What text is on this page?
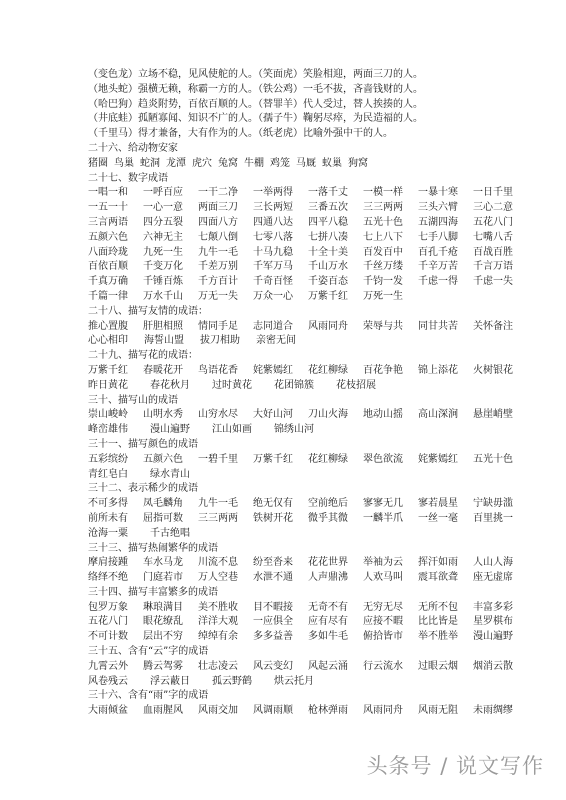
（变色龙）立场不稳，见风使舵的人。（笑面虎）笑脸相迎，两面三刀的人。
（地头蛇）强横无赖，称霸一方的人。（铁公鸡）一毛不拔，吝啬钱财的人。
（哈巴狗）趋炎附势，百依百顺的人。（替罪羊）代人受过，替人挨揍的人。
（井底蛙）孤陋寡闻、知识不广的人。（孺子牛）鞠躬尽瘁，为民造福的人。
（千里马）得才兼备，大有作为的人。（纸老虎）比喻外强中干的人。
二十六、给动物安家
猪圈 鸟巢 蛇洞 龙潭 虎穴 兔窝 牛棚 鸡笼 马厩 蚁巢 狗窝
二十七、数字成语
一唱一和	一呼百应	一干二净	一举两得	一落千丈	一模一样	一暴十寒	一日千里
一五一十	一心一意	两面三刀	三长两短	三番五次	三三两两	三头六臂	三心二意
三言两语	四分五裂	四面八方	四通八达	四平八稳	五光十色	五湖四海	五花八门
五颜六色	六神无主	七颠八倒	七零八落	七拼八凑	七上八下	七手八脚	七嘴八舌
八面玲珑	九死一生	九牛一毛	十马九稳	十全十美	百发百中	百孔千疮	百战百胜
百依百顺	千变万化	千差万别	千军万马	千山万水	千丝万缕	千辛万苦	千言万语
千真万确	千锤百炼	千方百计	千奇百怪	千姿百态	千钧一发	千虑一得	千虑一失
千篇一律	万水千山	万无一失	万众一心	万紫千红	万死一生
二十八、描写友情的成语：
推心置腹	肝胆相照	情同手足	志同道合	风雨同舟	荣辱与共	同甘共苦	关怀备注
心心相印	海誓山盟	拔刀相助	亲密无间
二十九、描写花的成语：
万紫千红	春暖花开	鸟语花香	姹紫嫣红	花红柳绿	百花争艳	锦上添花	火树银花
昨日黄花	春花秋月	过时黄花	花团锦簇	花枝招展
三十、描写山的成语
崇山峻岭	山明水秀	山穷水尽	大好山河	刀山火海	地动山摇	高山深涧	悬崖峭壁
峰峦雄伟	漫山遍野	江山如画	锦绣山河
三十一、描写颜色的成语
五彩缤纷	五颜六色	一碧千里	万紫千红	花红柳绿	翠色欲流	姹紫嫣红	五光十色
青红皂白	绿水青山
三十二、表示稀少的成语
不可多得	凤毛麟角	九牛一毛	绝无仅有	空前绝后	寥寥无几	寥若晨星	宁缺毋滥
前所未有	屈指可数	三三两两	铁树开花	微乎其微	一麟半爪	一丝一毫	百里挑一
沧海一粟	千古绝唱
三十三、描写热闹繁华的成语
摩肩接踵	车水马龙	川流不息	纷至沓来	花花世界	举袖为云	挥汗如雨	人山人海
络绎不绝	门庭若市	万人空巷	水泄不通	人声鼎沸	人欢马叫	震耳欲聋	座无虚席
三十四、描写丰富繁多的成语
包罗万象	琳琅满目	美不胜收	目不暇接	无奇不有	无穷无尽	无所不包	丰富多彩
五花八门	眼花缭乱	洋洋大观	一应俱全	应有尽有	应接不暇	比比皆是	星罗棋布
不可计数	层出不穷	绰绰有余	多多益善	多如牛毛	俯拾皆市	举不胜举	漫山遍野
三十五、含有“云”字的成语
九霄云外	腾云驾雾	壮志凌云	风云变幻	风起云涌	行云流水	过眼云烟	烟消云散
风卷残云	浮云蔽日	孤云野鹤	烘云托月
三十六、含有“雨”字的成语
大雨倾盆	血雨腥风	风雨交加	风调雨顺	枪林弹雨	风雨同舟	风雨无阻	未雨绸缪
头条号 / 说文写作
